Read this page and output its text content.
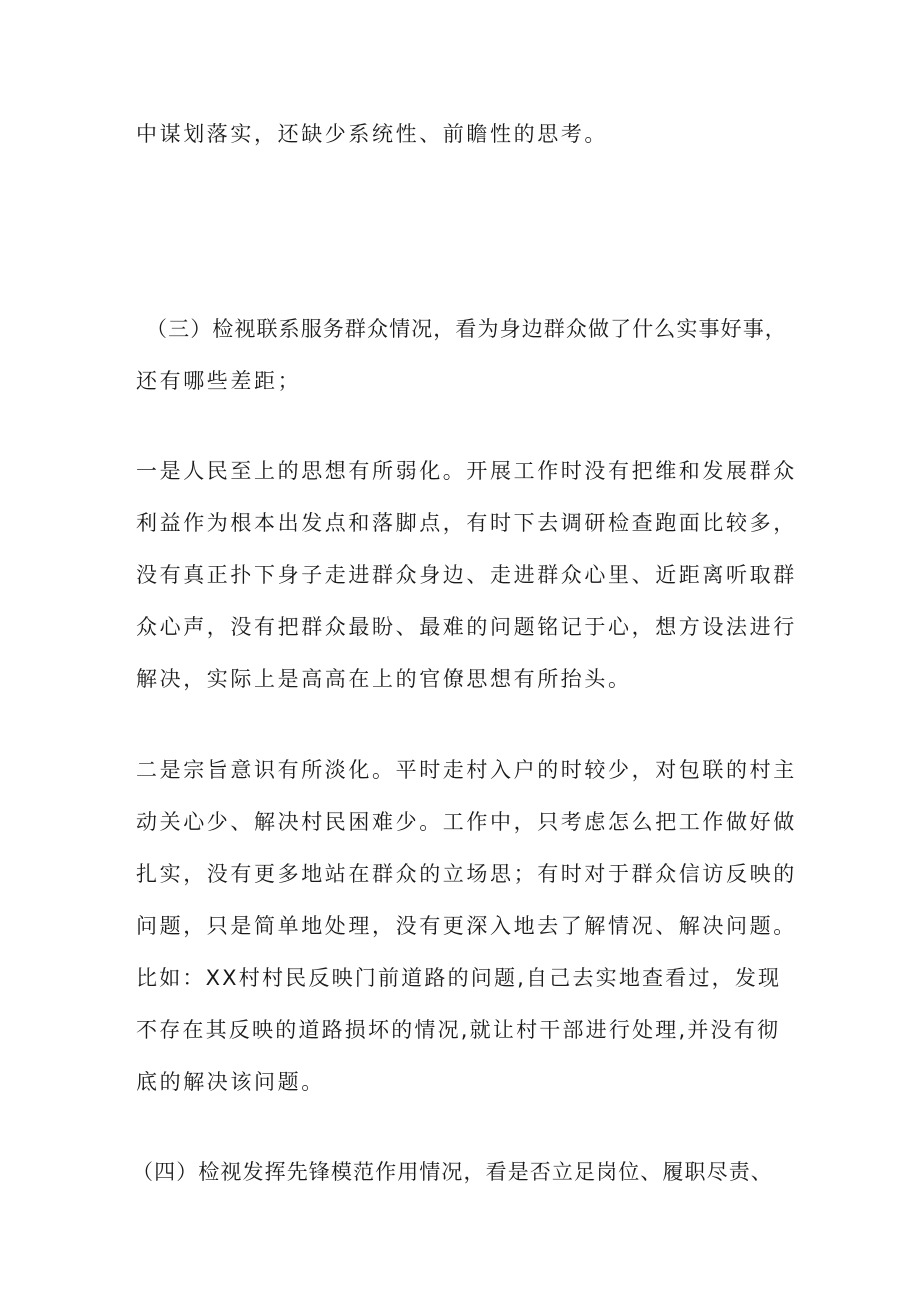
中谋划落实，还缺少系统性、前瞻性的思考。
（三）检视联系服务群众情况，看为身边群众做了什么实事好事，
还有哪些差距；
一是人民至上的思想有所弱化。开展工作时没有把维和发展群众
利益作为根本出发点和落脚点，有时下去调研检查跑面比较多，
没有真正扑下身子走进群众身边、走进群众心里、近距离听取群
众心声，没有把群众最盼、最难的问题铭记于心，想方设法进行
解决，实际上是高高在上的官僚思想有所抬头。
二是宗旨意识有所淡化。平时走村入户的时较少，对包联的村主
动关心少、解决村民困难少。工作中，只考虑怎么把工作做好做
扎实，没有更多地站在群众的立场思；有时对于群众信访反映的
问题，只是简单地处理，没有更深入地去了解情况、解决问题。
比如：XX村村民反映门前道路的问题,自己去实地查看过，发现
不存在其反映的道路损坏的情况,就让村干部进行处理,并没有彻
底的解决该问题。
（四）检视发挥先锋模范作用情况，看是否立足岗位、履职尽责、
